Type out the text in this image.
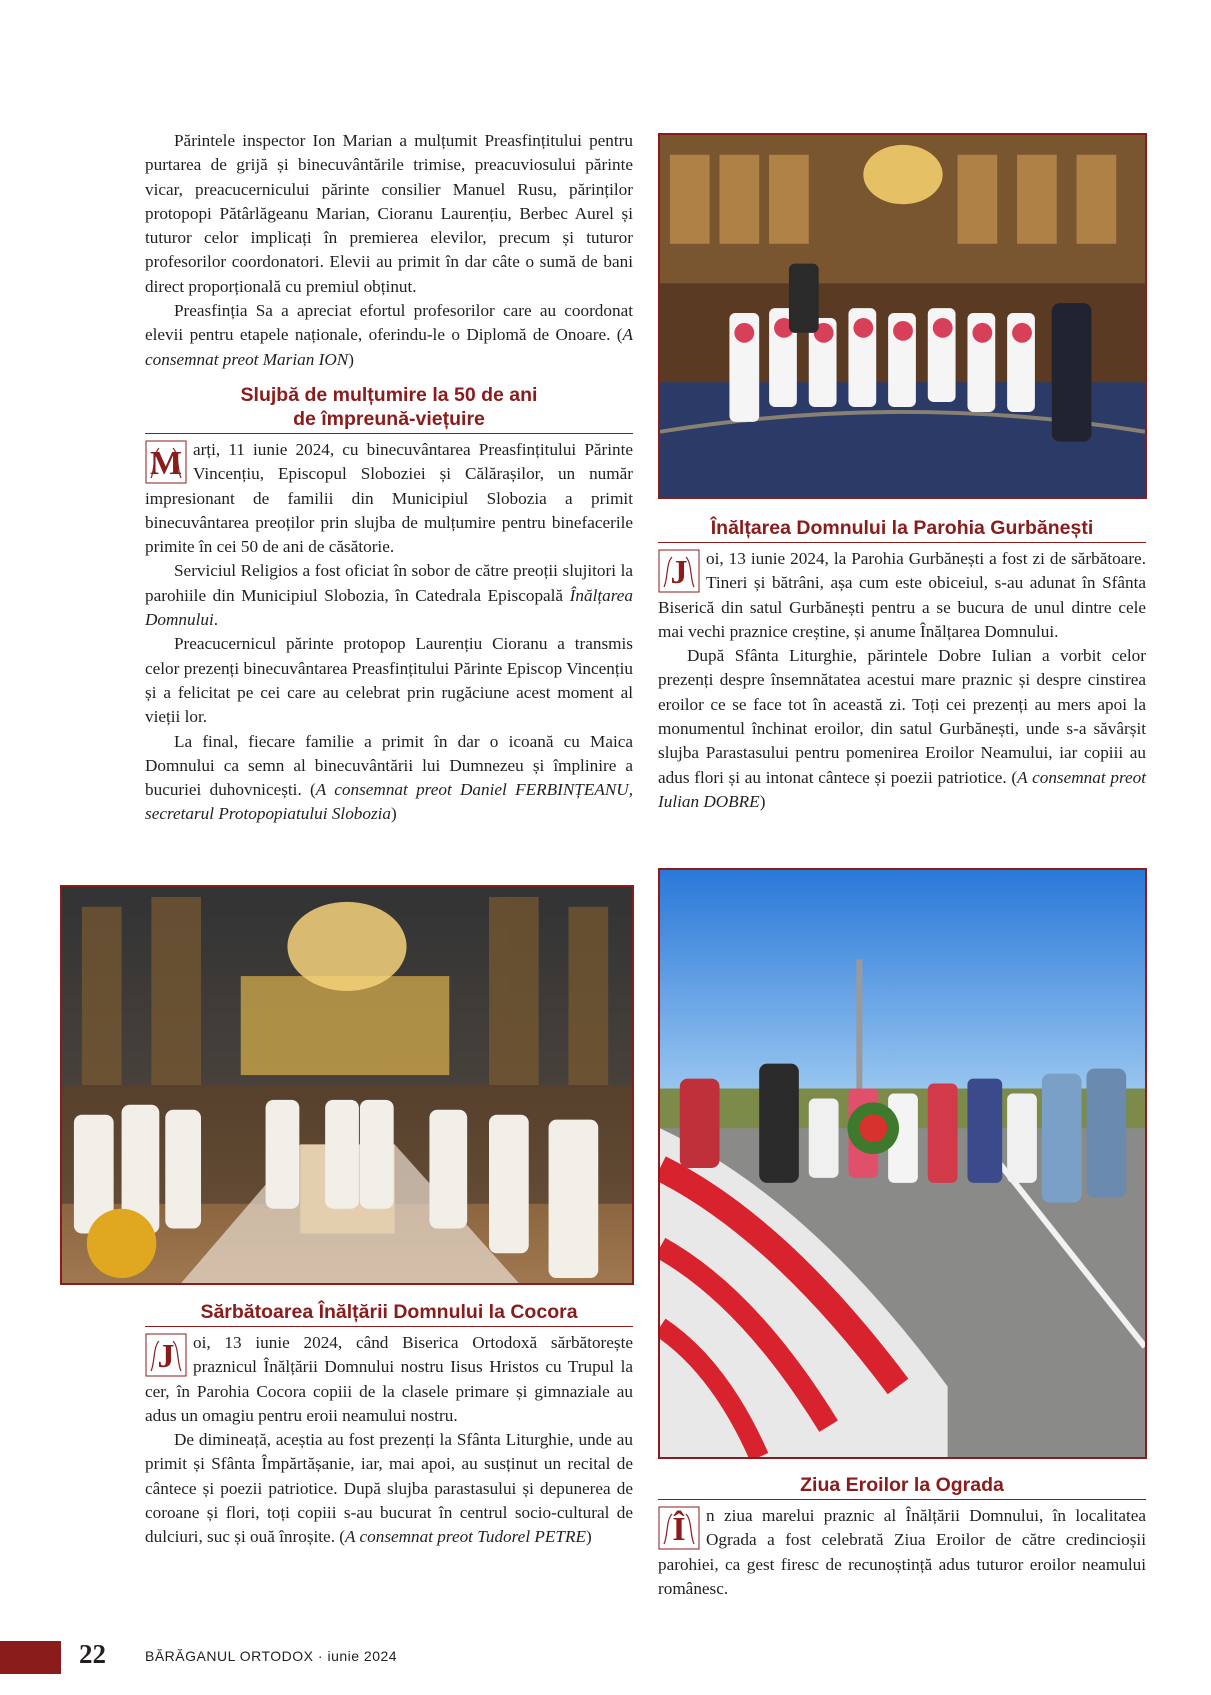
Părintele inspector Ion Marian a mulțumit Preasfințitului pentru purtarea de grijă și binecuvântările trimise, preacuviosului părinte vicar, preacucernicului părinte consilier Manuel Rusu, părinților protopopi Pătârlăgeanu Marian, Cioranu Laurențiu, Berbec Aurel și tuturor celor implicați în premierea elevilor, precum și tuturor profesorilor coordonatori. Elevii au primit în dar câte o sumă de bani direct proporțională cu premiul obținut.

Preasfinția Sa a apreciat efortul profesorilor care au coordonat elevii pentru etapele naționale, oferindu-le o Diplomă de Onoare. (A consemnat preot Marian ION)

Slujbă de mulțumire la 50 de ani
de împreună-viețuire
M arți, 11 iunie 2024, cu binecuvântarea Preasfințitului Părinte Vincențiu, Episcopul Sloboziei și Călărașilor, un număr impresionant de familii din Municipiul Slobozia a primit binecuvântarea preoților prin slujba de mulțumire pentru binefacerile primite în cei 50 de ani de căsătorie.

Serviciul Religios a fost oficiat în sobor de către preoții slujitori la parohiile din Municipiul Slobozia, în Catedrala Episcopală Înălțarea Domnului.

Preacucernicul părinte protopop Laurențiu Cioranu a transmis celor prezenți binecuvântarea Preasfințitului Părinte Episcop Vincențiu și a felicitat pe cei care au celebrat prin rugăciune acest moment al vieții lor.

La final, fiecare familie a primit în dar o icoană cu Maica Domnului ca semn al binecuvântării lui Dumnezeu și împlinire a bucuriei duhovnicești. (A consemnat preot Daniel FERBINȚEANU, secretarul Protopopiatului Slobozia)

Sărbătoarea Înălțării Domnului la Cocora
J	oi, 13 iunie 2024, când Biserica Ortodoxă sărbătorește praznicul Înălțării Domnului nostru Iisus Hristos cu Trupul la cer, în Parohia Cocora copiii de la clasele primare și gimnaziale au adus un omagiu pentru eroii neamului nostru.

De dimineață, aceștia au fost prezenți la Sfânta Liturghie, unde au primit și Sfânta Împărtășanie, iar, mai apoi, au susținut un recital de cântece și poezii patriotice. După slujba parastasului și depunerea de coroane și flori, toți copiii s-au bucurat în centrul socio-cultural de dulciuri, suc și ouă înroșite. (A consemnat preot Tudorel PETRE)

Înălțarea Domnului la Parohia Gurbănești
J	oi, 13 iunie 2024, la Parohia Gurbănești a fost zi de sărbătoare. Tineri și bătrâni, așa cum este obiceiul, s-au adunat în Sfânta Biserică din satul Gurbănești pentru a se bucura de unul dintre cele mai vechi praznice creștine, și anume Înălțarea Domnului.

După Sfânta Liturghie, părintele Dobre Iulian a vorbit celor prezenți despre însemnătatea acestui mare praznic și despre cinstirea eroilor ce se face tot în această zi. Toți cei prezenți au mers apoi la monumentul închinat eroilor, din satul Gurbănești, unde s-a săvârșit slujba Parastasului pentru pomenirea Eroilor Neamului, iar copiii au adus flori și au intonat cântece și poezii patriotice. (A consemnat preot Iulian DOBRE)

Ziua Eroilor la Ograda
Î	n ziua marelui praznic al Înălțării Domnului, în localitatea Ograda a fost celebrată Ziua Eroilor de către credincioșii parohiei, ca gest firesc de recunoștință adus tuturor eroilor neamului românesc.

22	BĂRĂGANUL ORTODOX · iunie 2024
